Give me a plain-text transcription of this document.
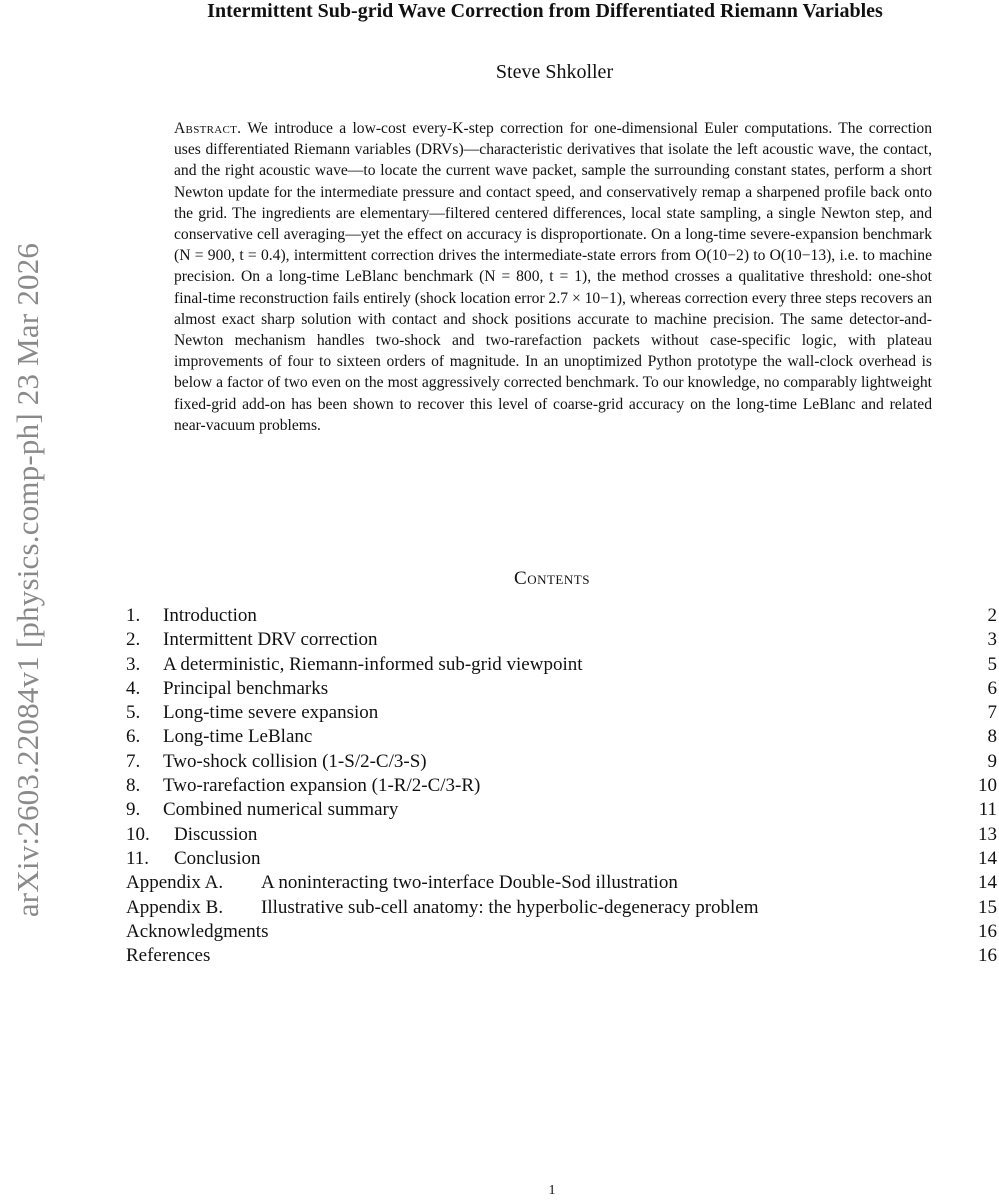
arXiv:2603.22084v1 [physics.comp-ph] 23 Mar 2026
Intermittent Sub-grid Wave Correction from Differentiated Riemann Variables
Steve Shkoller
Abstract. We introduce a low-cost every-K-step correction for one-dimensional Euler computations. The correction uses differentiated Riemann variables (DRVs)—characteristic derivatives that isolate the left acoustic wave, the contact, and the right acoustic wave—to locate the current wave packet, sample the surrounding constant states, perform a short Newton update for the intermediate pressure and contact speed, and conservatively remap a sharpened profile back onto the grid. The ingredients are elementary—filtered centered differences, local state sampling, a single Newton step, and conservative cell averaging—yet the effect on accuracy is disproportionate. On a long-time severe-expansion benchmark (N = 900, t = 0.4), intermittent correction drives the intermediate-state errors from O(10−2) to O(10−13), i.e. to machine precision. On a long-time LeBlanc benchmark (N = 800, t = 1), the method crosses a qualitative threshold: one-shot final-time reconstruction fails entirely (shock location error 2.7 × 10−1), whereas correction every three steps recovers an almost exact sharp solution with contact and shock positions accurate to machine precision. The same detector-and-Newton mechanism handles two-shock and two-rarefaction packets without case-specific logic, with plateau improvements of four to sixteen orders of magnitude. In an unoptimized Python prototype the wall-clock overhead is below a factor of two even on the most aggressively corrected benchmark. To our knowledge, no comparably lightweight fixed-grid add-on has been shown to recover this level of coarse-grid accuracy on the long-time LeBlanc and related near-vacuum problems.
Contents
1.	Introduction	2
2.	Intermittent DRV correction	3
3.	A deterministic, Riemann-informed sub-grid viewpoint	5
4.	Principal benchmarks	6
5.	Long-time severe expansion	7
6.	Long-time LeBlanc	8
7.	Two-shock collision (1-S/2-C/3-S)	9
8.	Two-rarefaction expansion (1-R/2-C/3-R)	10
9.	Combined numerical summary	11
10.	Discussion	13
11.	Conclusion	14
Appendix A.	A noninteracting two-interface Double-Sod illustration	14
Appendix B.	Illustrative sub-cell anatomy: the hyperbolic-degeneracy problem	15
Acknowledgments	16
References	16
1
